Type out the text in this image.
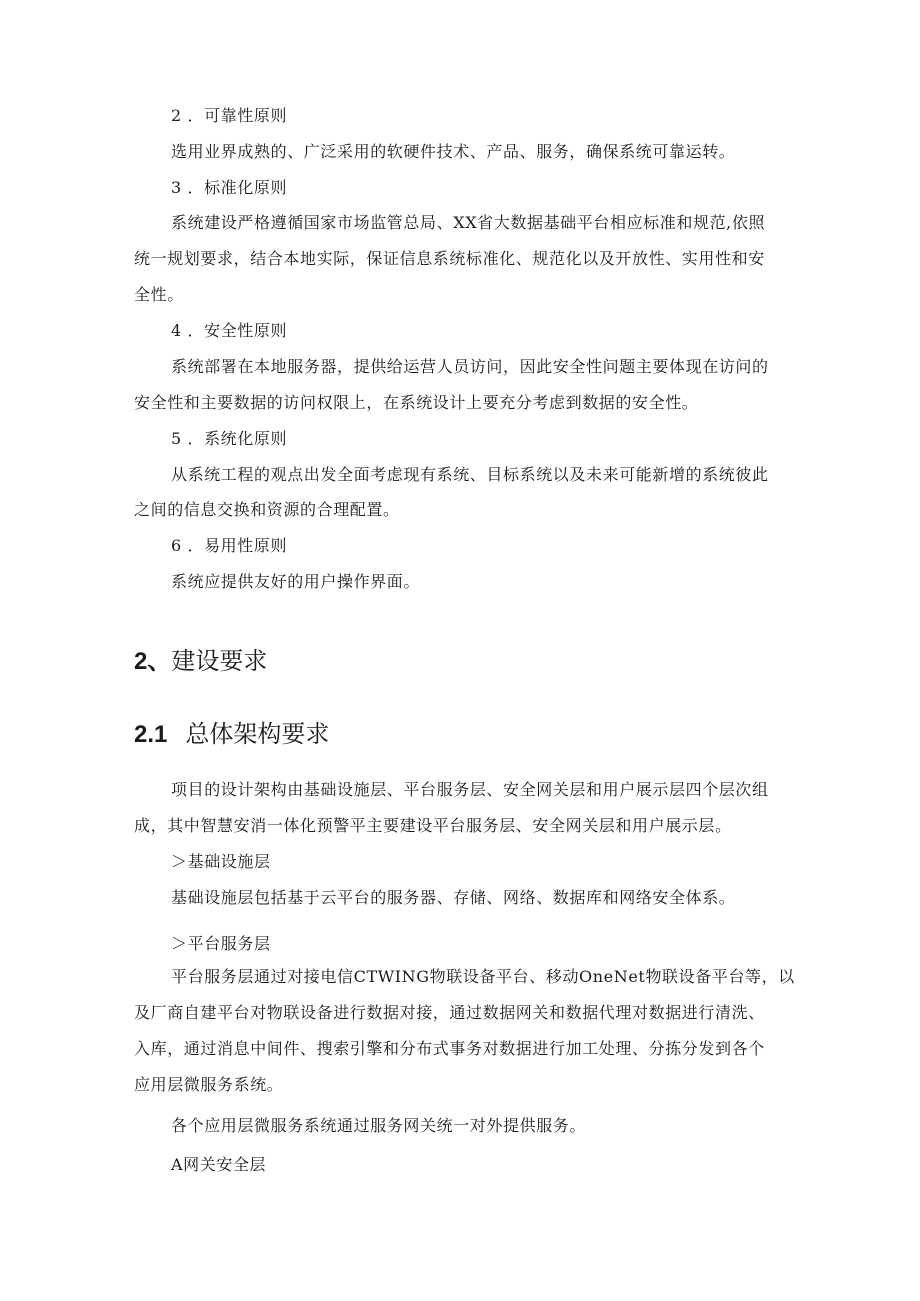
2 ．可靠性原则
选用业界成熟的、广泛采用的软硬件技术、产品、服务，确保系统可靠运转。
3 ．标准化原则
系统建设严格遵循国家市场监管总局、XX省大数据基础平台相应标准和规范,依照
统一规划要求，结合本地实际，保证信息系统标准化、规范化以及开放性、实用性和安
全性。
4 ．安全性原则
系统部署在本地服务器，提供给运营人员访问，因此安全性问题主要体现在访问的
安全性和主要数据的访问权限上，在系统设计上要充分考虑到数据的安全性。
5 ．系统化原则
从系统工程的观点出发全面考虑现有系统、目标系统以及未来可能新增的系统彼此
之间的信息交换和资源的合理配置。
6 ．易用性原则
系统应提供友好的用户操作界面。
2、建设要求
2.1 总体架构要求
项目的设计架构由基础设施层、平台服务层、安全网关层和用户展示层四个层次组
成，其中智慧安消一体化预警平主要建设平台服务层、安全网关层和用户展示层。
＞基础设施层
基础设施层包括基于云平台的服务器、存储、网络、数据库和网络安全体系。
＞平台服务层
平台服务层通过对接电信CTWING物联设备平台、移动OneNet物联设备平台等，以
及厂商自建平台对物联设备进行数据对接，通过数据网关和数据代理对数据进行清洗、
入库，通过消息中间件、搜索引擎和分布式事务对数据进行加工处理、分拣分发到各个
应用层微服务系统。
各个应用层微服务系统通过服务网关统一对外提供服务。
A网关安全层
